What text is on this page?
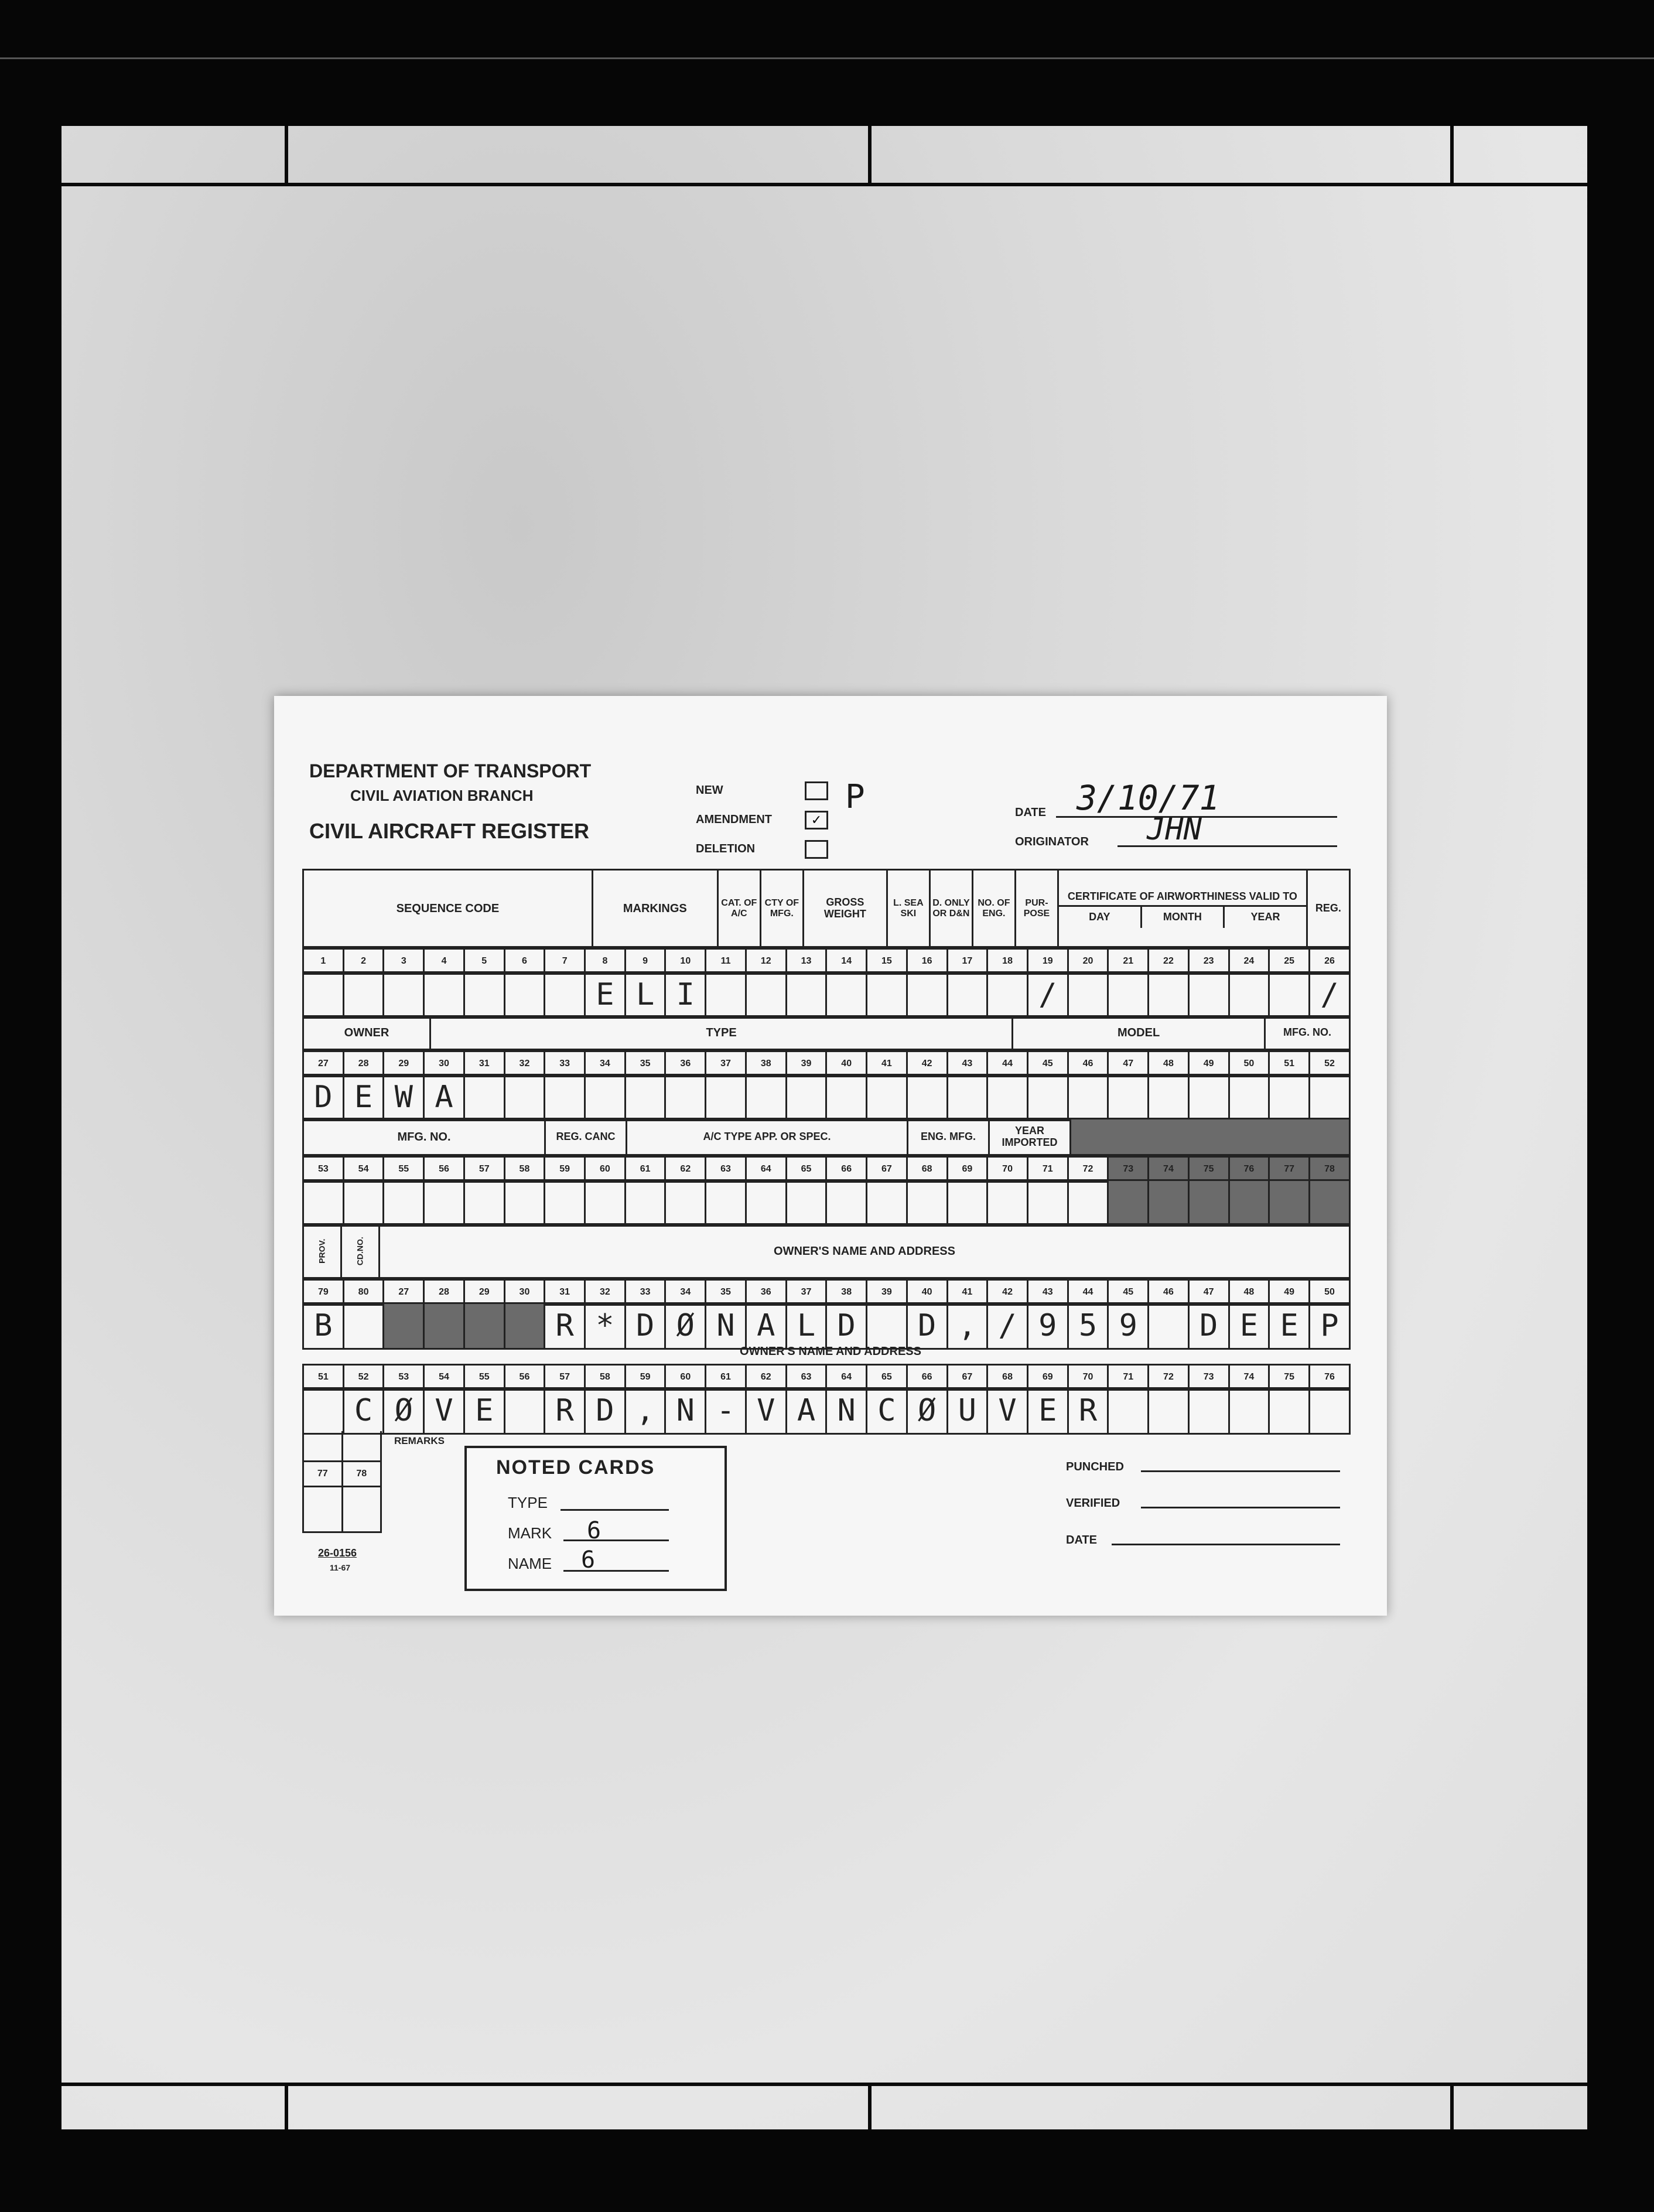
DEPARTMENT OF TRANSPORT
CIVIL AVIATION BRANCH
CIVIL AIRCRAFT REGISTER
NEW
AMENDMENT	✓
P
DELETION
DATE 3/10/71
ORIGINATOR JHN
SEQUENCE CODE	MARKINGS	CAT. OF A/C	CTY OF MFG.	GROSS WEIGHT	L. SEA SKI	D. ONLY OR D&N	NO. OF ENG.	PUR-POSE	
CERTIFICATE OF AIRWORTHINESS VALID TO
DAY	MONTH	YEAR
	REG.
1	2	3	4	5	6	7	8	9	10	11	12	13	14	15	16	17	18	19	20	21	22	23	24	25	26
							E	L	I									/							/
OWNER	TYPE	MODEL	MFG. NO.
27	28	29	30	31	32	33	34	35	36	37	38	39	40	41	42	43	44	45	46	47	48	49	50	51	52
D	E	W	A																						
MFG. NO.	REG. CANC	A/C TYPE APP. OR SPEC.	ENG. MFG.	YEAR IMPORTED	
53	54	55	56	57	58	59	60	61	62	63	64	65	66	67	68	69	70	71	72	73	74	75	76	77	78

PROV.	CD.NO.	OWNER'S NAME AND ADDRESS
79	80	27	28	29	30	31	32	33	34	35	36	37	38	39	40	41	42	43	44	45	46	47	48	49	50
B						R	*	D	Ø	N	A	L	D		D	,	/	9	5	9		D	E	E	P
OWNER'S NAME AND ADDRESS
51	52	53	54	55	56	57	58	59	60	61	62	63	64	65	66	67	68	69	70	71	72	73	74	75	76
	C	Ø	V	E		R	D	,	N	-	V	A	N	C	Ø	U	V	E	R						
REMARKS

77	78

26-0156
11-67
NOTED CARDS
TYPE
MARK 6
NAME 6
PUNCHED
VERIFIED
DATE
